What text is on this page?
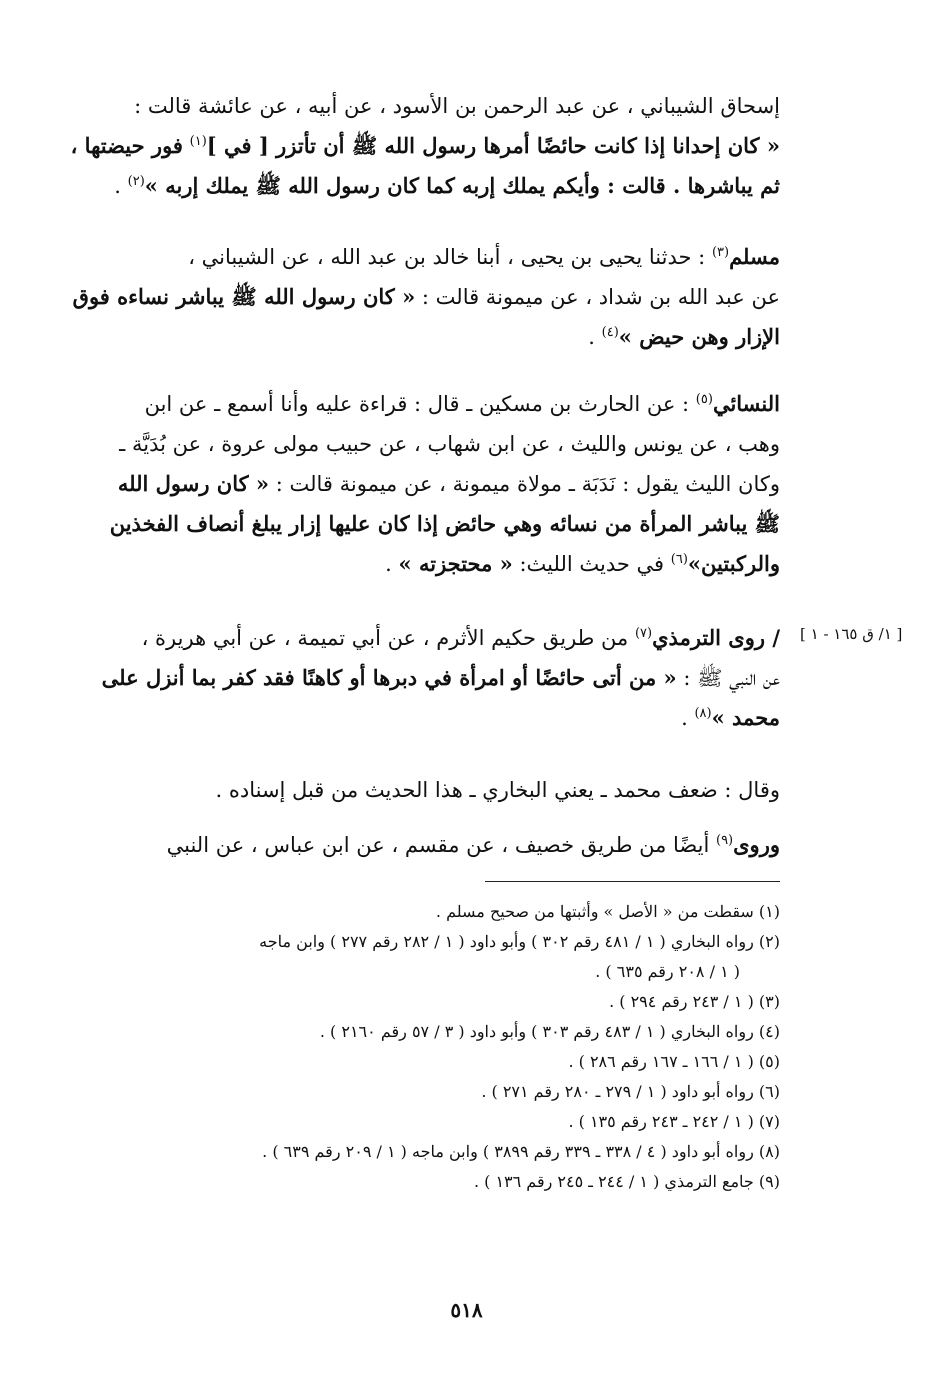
إسحاق الشيباني ، عن عبد الرحمن بن الأسود ، عن أبيه ، عن عائشة قالت :

« كان إحدانا إذا كانت حائضًا أمرها رسول الله ﷺ أن تأتزر [ في ]$^{(١)}$ فور حيضتها ،

ثم يباشرها . قالت : وأيكم يملك إربه كما كان رسول الله ﷺ يملك إربه »$^{(٢)}$ .

مسلم$^{(٣)}$ : حدثنا يحيى بن يحيى ، أبنا خالد بن عبد الله ، عن الشيباني ،

عن عبد الله بن شداد ، عن ميمونة قالت : « كان رسول الله ﷺ يباشر نساءه فوق

الإزار وهن حيض »$^{(٤)}$ .

النسائي$^{(٥)}$ : عن الحارث بن مسكين ـ قال : قراءة عليه وأنا أسمع ـ عن ابن

وهب ، عن يونس والليث ، عن ابن شهاب ، عن حبيب مولى عروة ، عن بُدَيَّة ـ

وكان الليث يقول : نَدَبَة ـ مولاة ميمونة ، عن ميمونة قالت : « كان رسول الله

ﷺ يباشر المرأة من نسائه وهي حائض إذا كان عليها إزار يبلغ أنصاف الفخذين

والركبتين»$^{(٦)}$ في حديث الليث: « محتجزته » .

[ ١/ ق ١٦٥ - ١ ]

/ روى الترمذي$^{(٧)}$ من طريق حكيم الأثرم ، عن أبي تميمة ، عن أبي هريرة ،

عن النبي ﷺ : « من أتى حائضًا أو امرأة في دبرها أو كاهنًا فقد كفر بما أنزل على

محمد »$^{(٨)}$ .

وقال : ضعف محمد ـ يعني البخاري ـ هذا الحديث من قبل إسناده .

وروى$^{(٩)}$ أيضًا من طريق خصيف ، عن مقسم ، عن ابن عباس ، عن النبي

(١) سقطت من « الأصل » وأثبتها من صحيح مسلم .

(٢) رواه البخاري ( ١ / ٤٨١ رقم ٣٠٢ ) وأبو داود ( ١ / ٢٨٢ رقم ٢٧٧ ) وابن ماجه

( ١ / ٢٠٨ رقم ٦٣٥ ) .

(٣) ( ١ / ٢٤٣ رقم ٢٩٤ ) .

(٤) رواه البخاري ( ١ / ٤٨٣ رقم ٣٠٣ ) وأبو داود ( ٣ / ٥٧ رقم ٢١٦٠ ) .

(٥) ( ١ / ١٦٦ ـ ١٦٧ رقم ٢٨٦ ) .

(٦) رواه أبو داود ( ١ / ٢٧٩ ـ ٢٨٠ رقم ٢٧١ ) .

(٧) ( ١ / ٢٤٢ ـ ٢٤٣ رقم ١٣٥ ) .

(٨) رواه أبو داود ( ٤ / ٣٣٨ ـ ٣٣٩ رقم ٣٨٩٩ ) وابن ماجه ( ١ / ٢٠٩ رقم ٦٣٩ ) .

(٩) جامع الترمذي ( ١ / ٢٤٤ ـ ٢٤٥ رقم ١٣٦ ) .

٥١٨
